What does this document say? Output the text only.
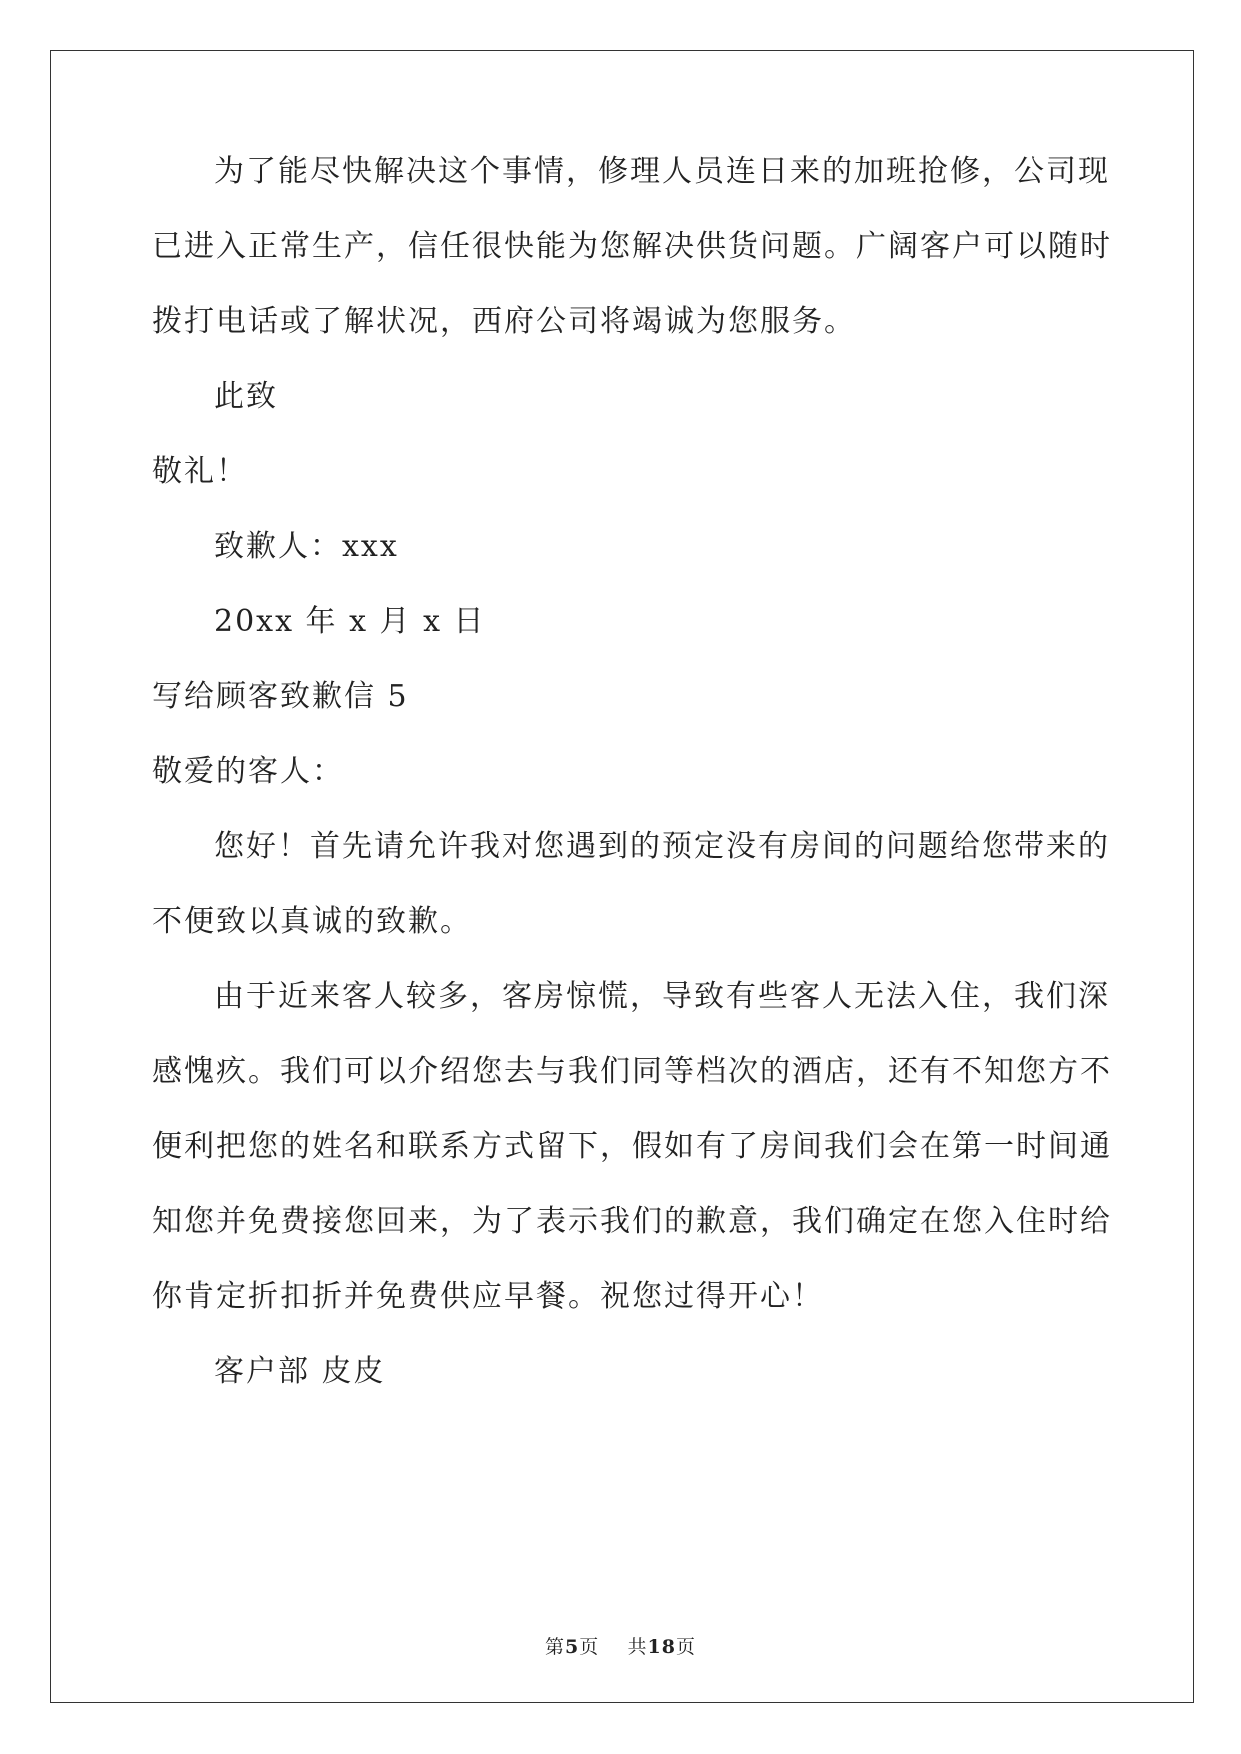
为了能尽快解决这个事情，修理人员连日来的加班抢修，公司现
已进入正常生产，信任很快能为您解决供货问题。广阔客户可以随时
拨打电话或了解状况，西府公司将竭诚为您服务。
此致
敬礼！
致歉人：xxx
20xx 年 x 月 x 日
写给顾客致歉信 5
敬爱的客人：
您好！首先请允许我对您遇到的预定没有房间的问题给您带来的
不便致以真诚的致歉。
由于近来客人较多，客房惊慌，导致有些客人无法入住，我们深
感愧疚。我们可以介绍您去与我们同等档次的酒店，还有不知您方不
便利把您的姓名和联系方式留下，假如有了房间我们会在第一时间通
知您并免费接您回来，为了表示我们的歉意，我们确定在您入住时给
你肯定折扣折并免费供应早餐。祝您过得开心！
客户部 皮皮
第5页 共18页
